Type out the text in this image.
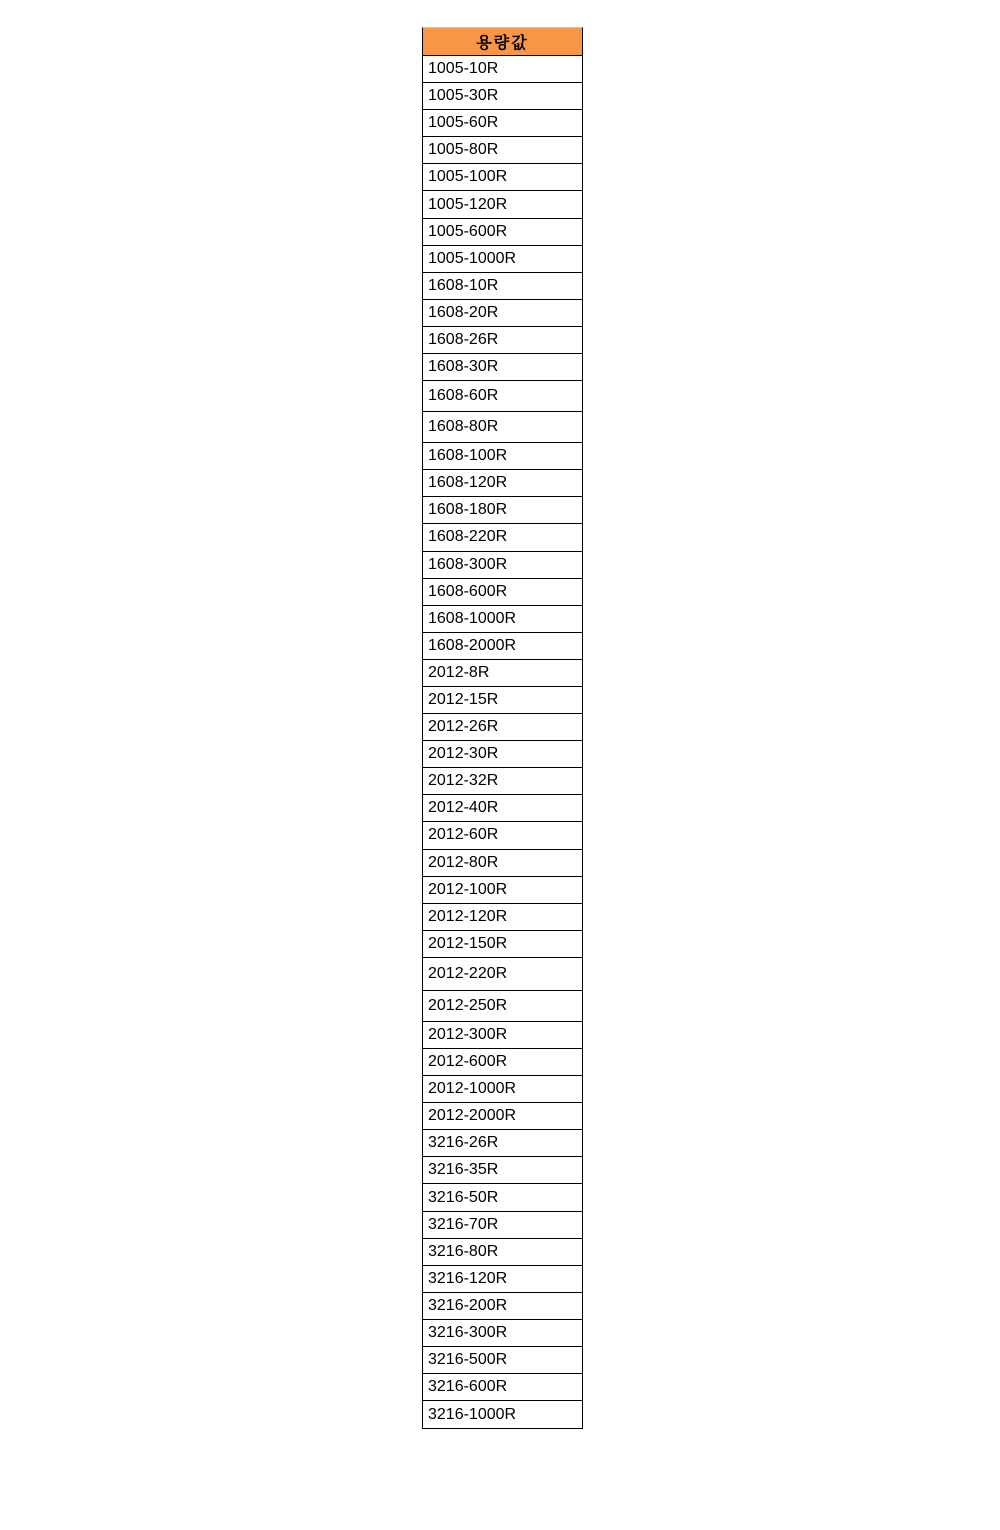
용량값
1005-10R
1005-30R
1005-60R
1005-80R
1005-100R
1005-120R
1005-600R
1005-1000R
1608-10R
1608-20R
1608-26R
1608-30R
1608-60R
1608-80R
1608-100R
1608-120R
1608-180R
1608-220R
1608-300R
1608-600R
1608-1000R
1608-2000R
2012-8R
2012-15R
2012-26R
2012-30R
2012-32R
2012-40R
2012-60R
2012-80R
2012-100R
2012-120R
2012-150R
2012-220R
2012-250R
2012-300R
2012-600R
2012-1000R
2012-2000R
3216-26R
3216-35R
3216-50R
3216-70R
3216-80R
3216-120R
3216-200R
3216-300R
3216-500R
3216-600R
3216-1000R
